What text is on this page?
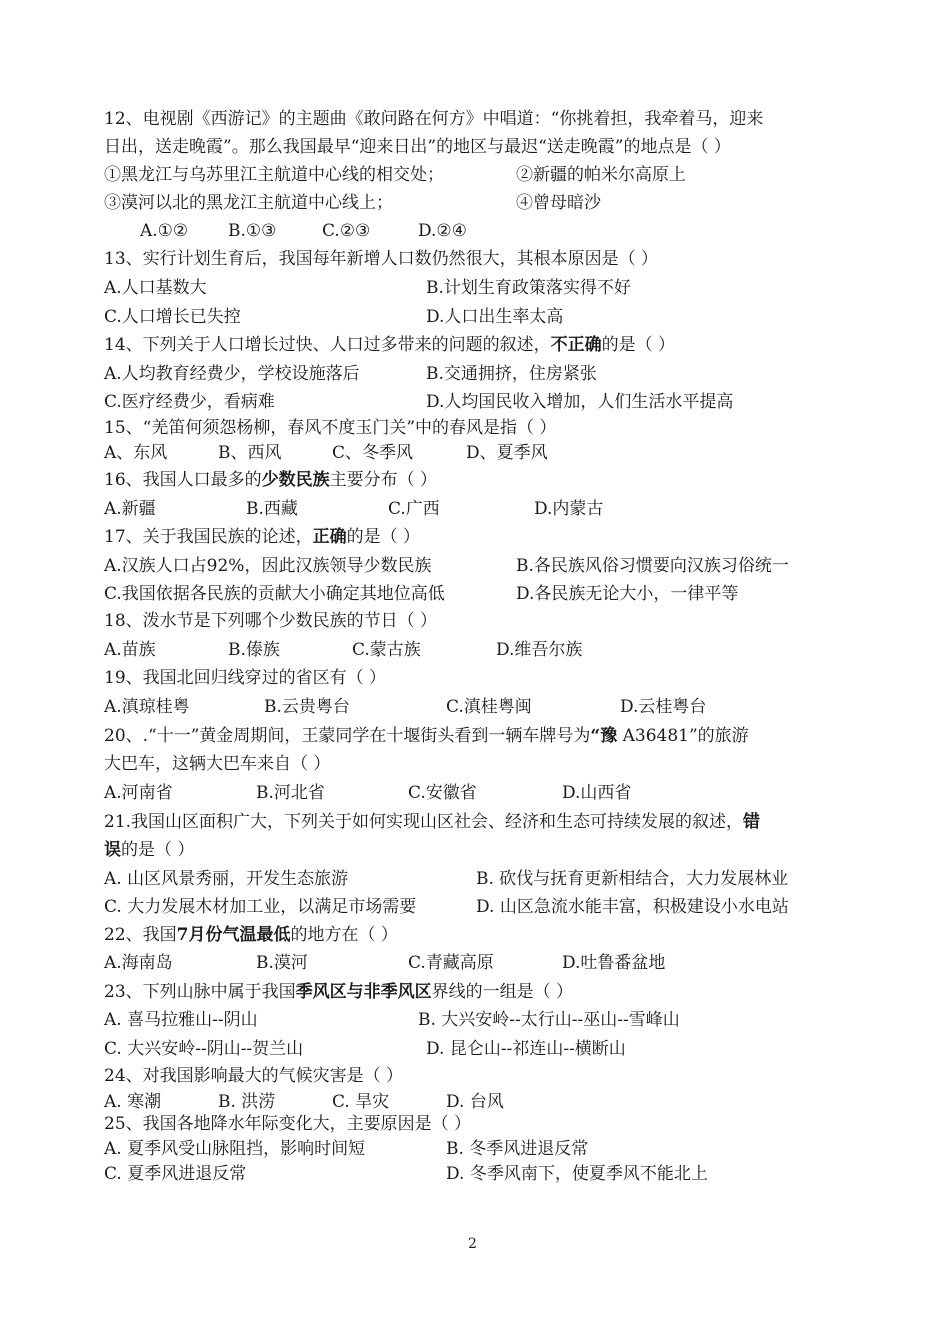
12、电视剧《西游记》的主题曲《敢问路在何方》中唱道：“你挑着担，我牵着马，迎来
日出，送走晚霞”。那么我国最早“迎来日出”的地区与最迟“送走晚霞”的地点是（ ）
①黑龙江与乌苏里江主航道中心线的相交处；	②新疆的帕米尔高原上
③漠河以北的黑龙江主航道中心线上；	④曾母暗沙
A.①② B.①③	C.②③	D.②④
13、实行计划生育后，我国每年新增人口数仍然很大，其根本原因是（ ）
A.人口基数大	B.计划生育政策落实得不好
C.人口增长已失控	D.人口出生率太高
14、下列关于人口增长过快、人口过多带来的问题的叙述，不正确的是（ ）
A.人均教育经费少，学校设施落后	B.交通拥挤，住房紧张
C.医疗经费少，看病难	D.人均国民收入增加，人们生活水平提高
15、“羌笛何须怨杨柳，春风不度玉门关”中的春风是指（ ）
A、东风	B、西风	C、冬季风	D、夏季风
16、我国人口最多的少数民族主要分布（ ）
A.新疆	B.西藏	C.广西	D.内蒙古
17、关于我国民族的论述，正确的是（ ）
A.汉族人口占92%，因此汉族领导少数民族	B.各民族风俗习惯要向汉族习俗统一
C.我国依据各民族的贡献大小确定其地位高低	D.各民族无论大小，一律平等
18、泼水节是下列哪个少数民族的节日（ ）
A.苗族	B.傣族	C.蒙古族	D.维吾尔族
19、我国北回归线穿过的省区有（ ）
A.滇琼桂粤	B.云贵粤台	C.滇桂粤闽	D.云桂粤台
20、.“十一”黄金周期间，王蒙同学在十堰街头看到一辆车牌号为“豫 A36481”的旅游
大巴车，这辆大巴车来自（ ）
A.河南省	B.河北省	C.安徽省	D.山西省
21.我国山区面积广大，下列关于如何实现山区社会、经济和生态可持续发展的叙述，错
误的是（ ）
A. 山区风景秀丽，开发生态旅游	B. 砍伐与抚育更新相结合，大力发展林业
C. 大力发展木材加工业，以满足市场需要	D. 山区急流水能丰富，积极建设小水电站
22、我国7月份气温最低的地方在（ ）
A.海南岛	B.漠河	C.青藏高原	D.吐鲁番盆地
23、下列山脉中属于我国季风区与非季风区界线的一组是（ ）
A. 喜马拉雅山--阴山	B. 大兴安岭--太行山--巫山--雪峰山
C. 大兴安岭--阴山--贺兰山	D. 昆仑山--祁连山--横断山
24、对我国影响最大的气候灾害是（ ）
A. 寒潮	B. 洪涝	C. 旱灾	D. 台风
25、我国各地降水年际变化大，主要原因是（ ）
A. 夏季风受山脉阻挡，影响时间短	B. 冬季风进退反常
C. 夏季风进退反常	D. 冬季风南下，使夏季风不能北上
2
